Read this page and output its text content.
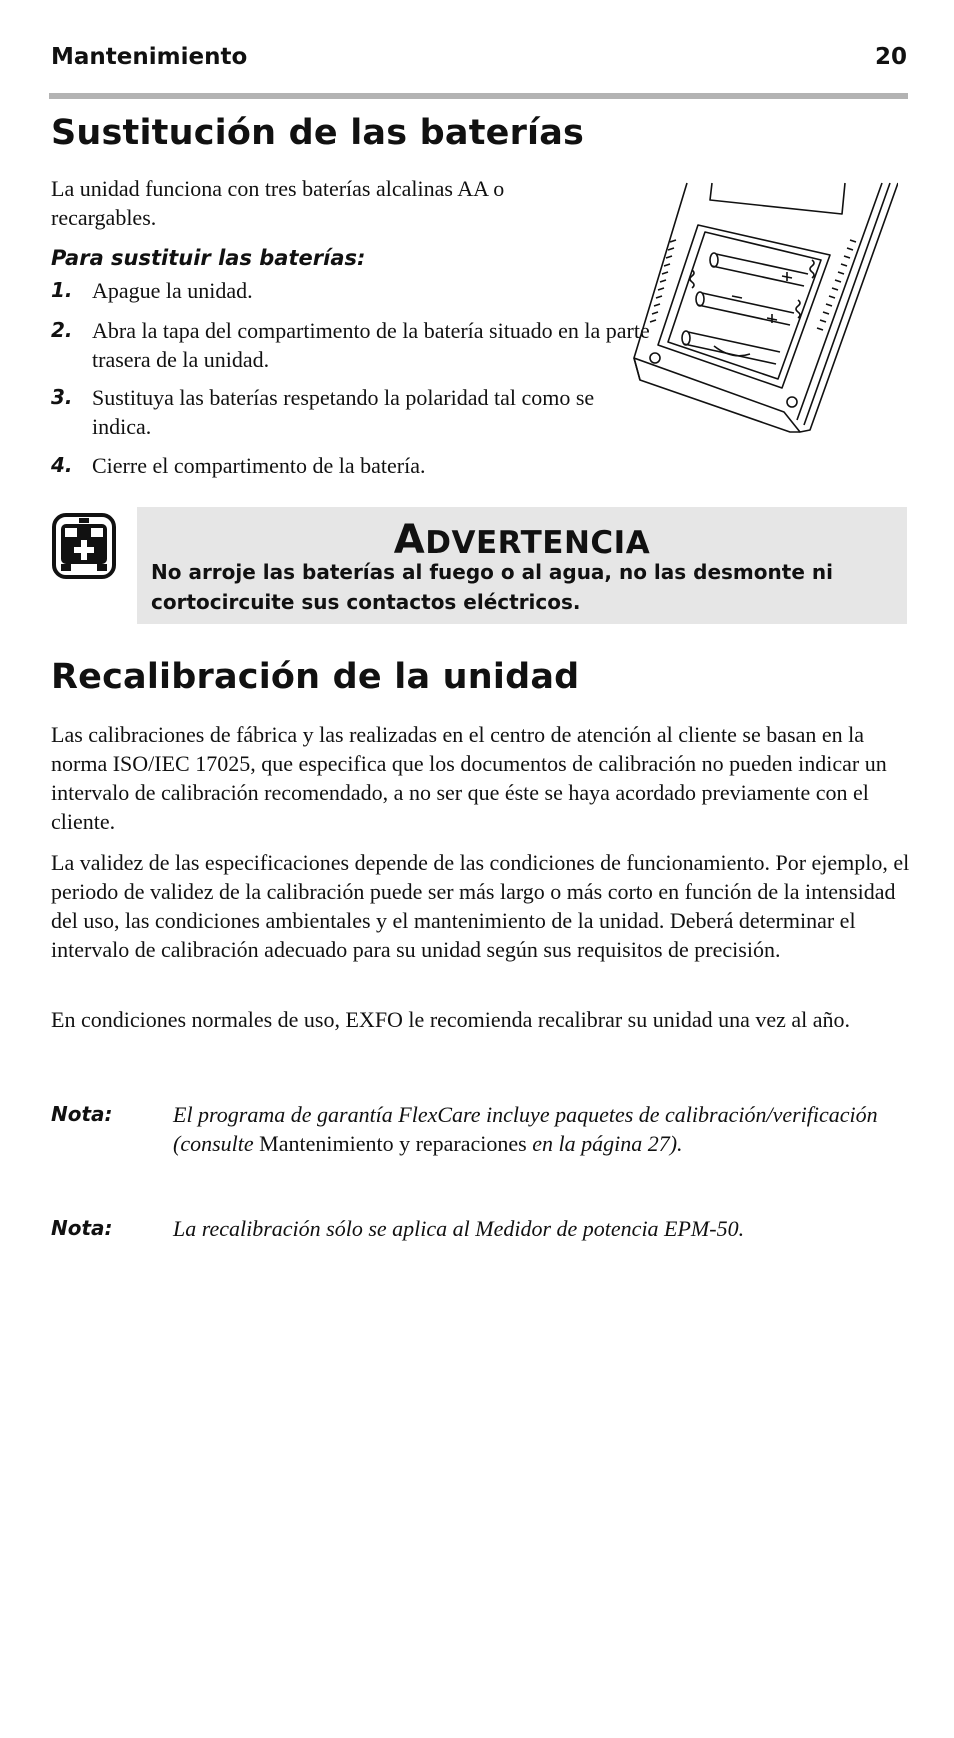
Mantenimiento	20
Sustitución de las baterías

La unidad funciona con tres baterías alcalinas AA o recargables.

Para sustituir las baterías:
1. Apague la unidad.
2. Abra la tapa del compartimento de la batería situado en la parte trasera de la unidad.
3. Sustituya las baterías respetando la polaridad tal como se indica.
4. Cierre el compartimento de la batería.
ADVERTENCIA
No arroje las baterías al fuego o al agua, no las desmonte ni cortocircuite sus contactos eléctricos.
Recalibración de la unidad

Las calibraciones de fábrica y las realizadas en el centro de atención al cliente se basan en la norma ISO/IEC 17025, que especifica que los documentos de calibración no pueden indicar un intervalo de calibración recomendado, a no ser que éste se haya acordado previamente con el cliente.

La validez de las especificaciones depende de las condiciones de funcionamiento. Por ejemplo, el periodo de validez de la calibración puede ser más largo o más corto en función de la intensidad del uso, las condiciones ambientales y el mantenimiento de la unidad. Deberá determinar el intervalo de calibración adecuado para su unidad según sus requisitos de precisión.

En condiciones normales de uso, EXFO le recomienda recalibrar su unidad una vez al año.

Nota:	El programa de garantía FlexCare incluye paquetes de calibración/verificación (consulte Mantenimiento y reparaciones en la página 27).
Nota:	La recalibración sólo se aplica al Medidor de potencia EPM-50.
